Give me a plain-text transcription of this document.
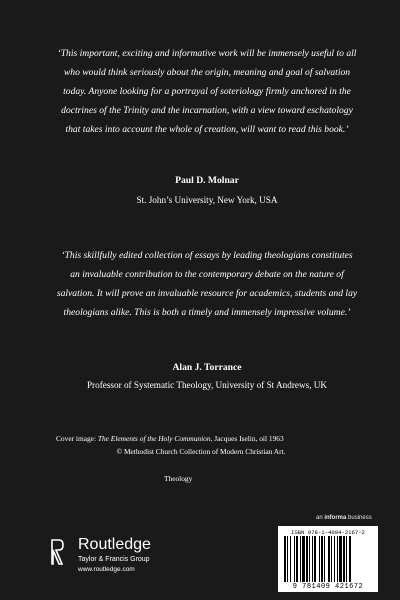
‘This important, exciting and informative work will be immensely useful to all who would think seriously about the origin, meaning and goal of salvation today. Anyone looking for a portrayal of soteriology firmly anchored in the doctrines of the Trinity and the incarnation, with a view toward eschatology that takes into account the whole of creation, will want to read this book.’
Paul D. Molnar
St. John’s University, New York, USA
‘This skillfully edited collection of essays by leading theologians constitutes an invaluable contribution to the contemporary debate on the nature of salvation. It will prove an invaluable resource for academics, students and lay theologians alike. This is both a timely and immensely impressive volume.’
Alan J. Torrance
Professor of Systematic Theology, University of St Andrews, UK
Cover image: The Elements of the Holy Communion, Jacques Iselin, oil 1963
© Methodist Church Collection of Modern Christian Art.
Theology
an informa business
Routledge
Taylor & Francis Group
www.routledge.com
ISBN 978-1-4094-2167-2
9 781409 421672
